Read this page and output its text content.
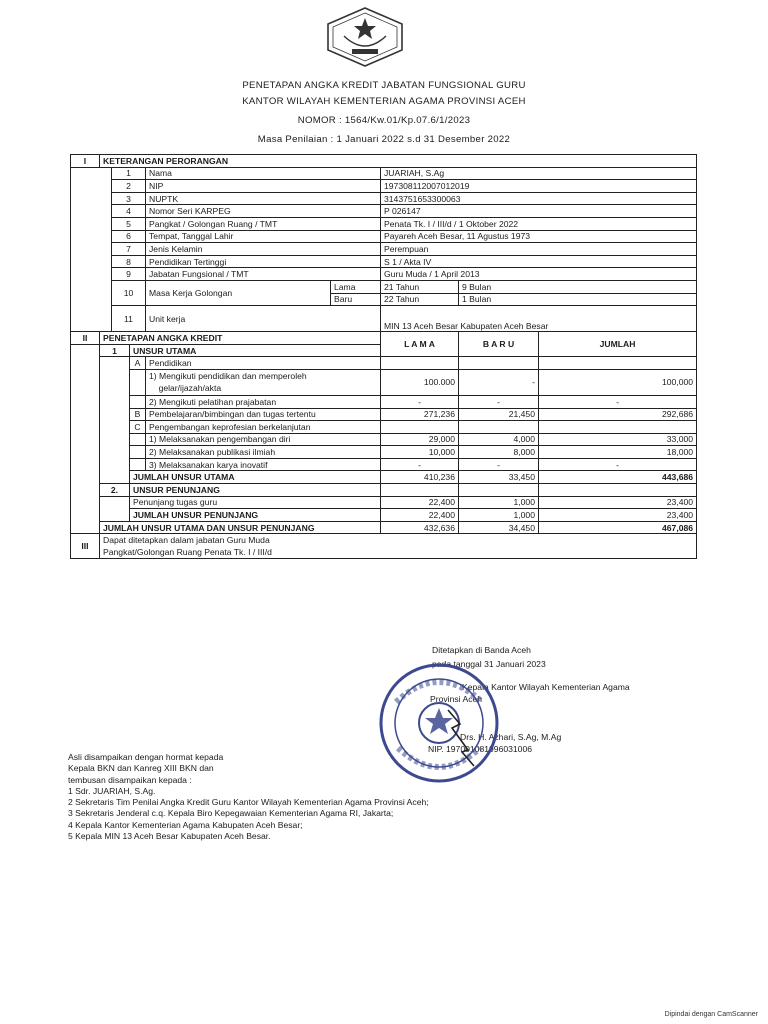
PENETAPAN ANGKA KREDIT JABATAN FUNGSIONAL GURU
KANTOR WILAYAH KEMENTERIAN AGAMA PROVINSI ACEH
NOMOR : 1564/Kw.01/Kp.07.6/1/2023
Masa Penilaian : 1 Januari 2022 s.d 31 Desember 2022
I	KETERANGAN PERORANGAN							
		1		Nama		JUARIAH, S.Ag		
		2		NIP		197308112007012019		
		3		NUPTK		3143751653300063		
		4		Nomor Seri KARPEG		P 026147		
		5		Pangkat / Golongan Ruang / TMT		Penata Tk. I / III/d / 1 Oktober 2022		
		6		Tempat, Tanggal Lahir		Payareh Aceh Besar, 11 Agustus 1973		
		7		Jenis Kelamin		Perempuan		
		8		Pendidikan Tertinggi		S 1 / Akta IV		
		9		Jabatan Fungsional / TMT		Guru Muda / 1 April 2013		
		10		Masa Kerja Golongan	Lama	21 Tahun	9 Bulan	
					Baru	22 Tahun	1 Bulan	
		11		Unit kerja		MIN 13 Aceh Besar Kabupaten Aceh Besar		
II	PENETAPAN ANGKA KREDIT					L A M A	B A R U	JUMLAH
	1		UNSUR UTAMA					
			A	Pendidikan				
				1) Mengikuti pendidikan dan memperoleh
gelar/ijazah/akta		100.000	-	100,000
				2) Mengikuti pelatihan prajabatan		-	-	-
			B	Pembelajaran/bimbingan dan tugas tertentu		271,236	21,450	292,686
			C	Pengembangan keprofesian berkelanjutan				
				1) Melaksanakan pengembangan diri		29,000	4,000	33,000
				2) Melaksanakan publikasi ilmiah		10,000	8,000	18,000
				3) Melaksanakan karya inovatif		-	-	-
			JUMLAH UNSUR UTAMA			410,236	33,450	443,686
	2.		UNSUR PENUNJANG					
			Penunjang tugas guru			22,400	1,000	23,400
			JUMLAH UNSUR PENUNJANG			22,400	1,000	23,400
	JUMLAH UNSUR UTAMA DAN UNSUR PENUNJANG					432,636	34,450	467,086
III	Dapat ditetapkan dalam jabatan Guru Muda
Pangkat/Golongan Ruang Penata Tk. I / III/d							
Ditetapkan di Banda Aceh
pada tanggal 31 Januari 2023
Kepala Kantor Wilayah Kementerian Agama
Provinsi Aceh
Drs. H. Azhari, S.Ag, M.Ag
NIP. 197001081996031006
Asli disampaikan dengan hormat kepada
Kepala BKN dan Kanreg XIII BKN dan
tembusan disampaikan kepada :
1 Sdr. JUARIAH, S.Ag.
2 Sekretaris Tim Penilai Angka Kredit Guru Kantor Wilayah Kementerian Agama Provinsi Aceh;
3 Sekretaris Jenderal c.q. Kepala Biro Kepegawaian Kementerian Agama RI, Jakarta;
4 Kepala Kantor Kementerian Agama Kabupaten Aceh Besar;
5 Kepala MIN 13 Aceh Besar Kabupaten Aceh Besar.
Dipindai dengan CamScanner
